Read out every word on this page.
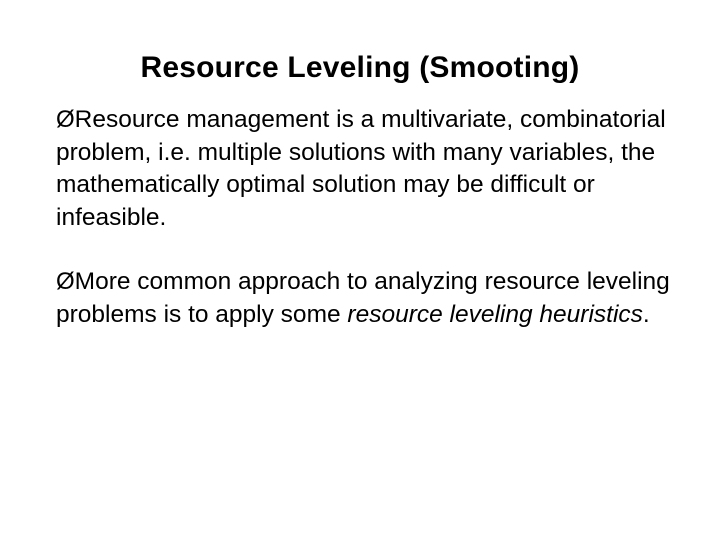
Resource Leveling (Smooting)

ØResource management is a multivariate, combinatorial problem, i.e. multiple solutions with many variables, the mathematically optimal solution may be difficult or infeasible.

ØMore common approach to analyzing resource leveling problems is to apply some resource leveling heuristics.
